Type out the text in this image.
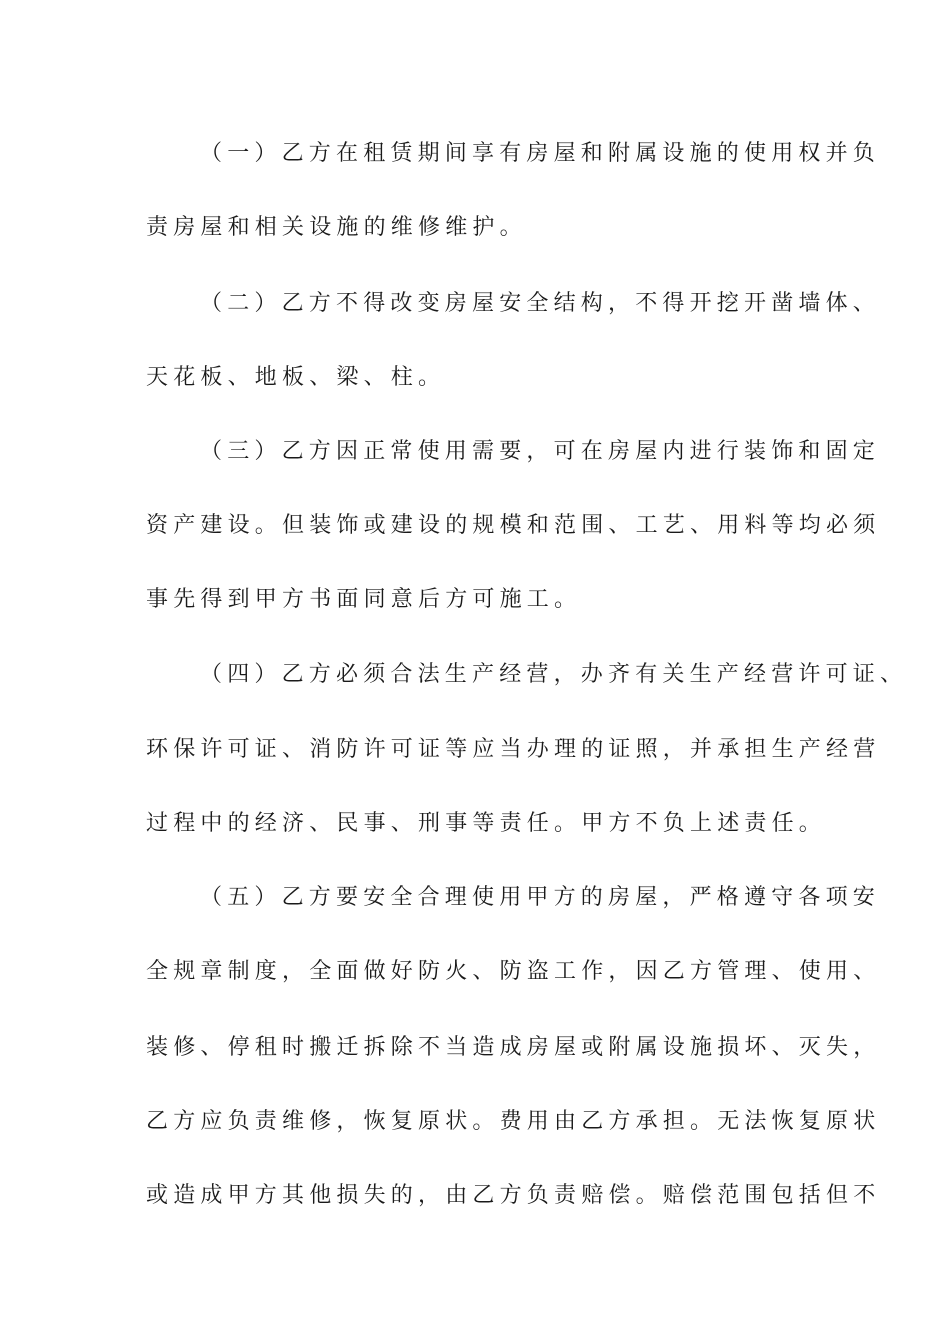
（一）乙方在租赁期间享有房屋和附属设施的使用权并负
责房屋和相关设施的维修维护。
（二）乙方不得改变房屋安全结构，不得开挖开凿墙体、
天花板、地板、梁、柱。
（三）乙方因正常使用需要，可在房屋内进行装饰和固定
资产建设。但装饰或建设的规模和范围、工艺、用料等均必须
事先得到甲方书面同意后方可施工。
（四）乙方必须合法生产经营，办齐有关生产经营许可证、
环保许可证、消防许可证等应当办理的证照，并承担生产经营
过程中的经济、民事、刑事等责任。甲方不负上述责任。
（五）乙方要安全合理使用甲方的房屋，严格遵守各项安
全规章制度，全面做好防火、防盗工作，因乙方管理、使用、
装修、停租时搬迁拆除不当造成房屋或附属设施损坏、灭失，
乙方应负责维修，恢复原状。费用由乙方承担。无法恢复原状
或造成甲方其他损失的，由乙方负责赔偿。赔偿范围包括但不
